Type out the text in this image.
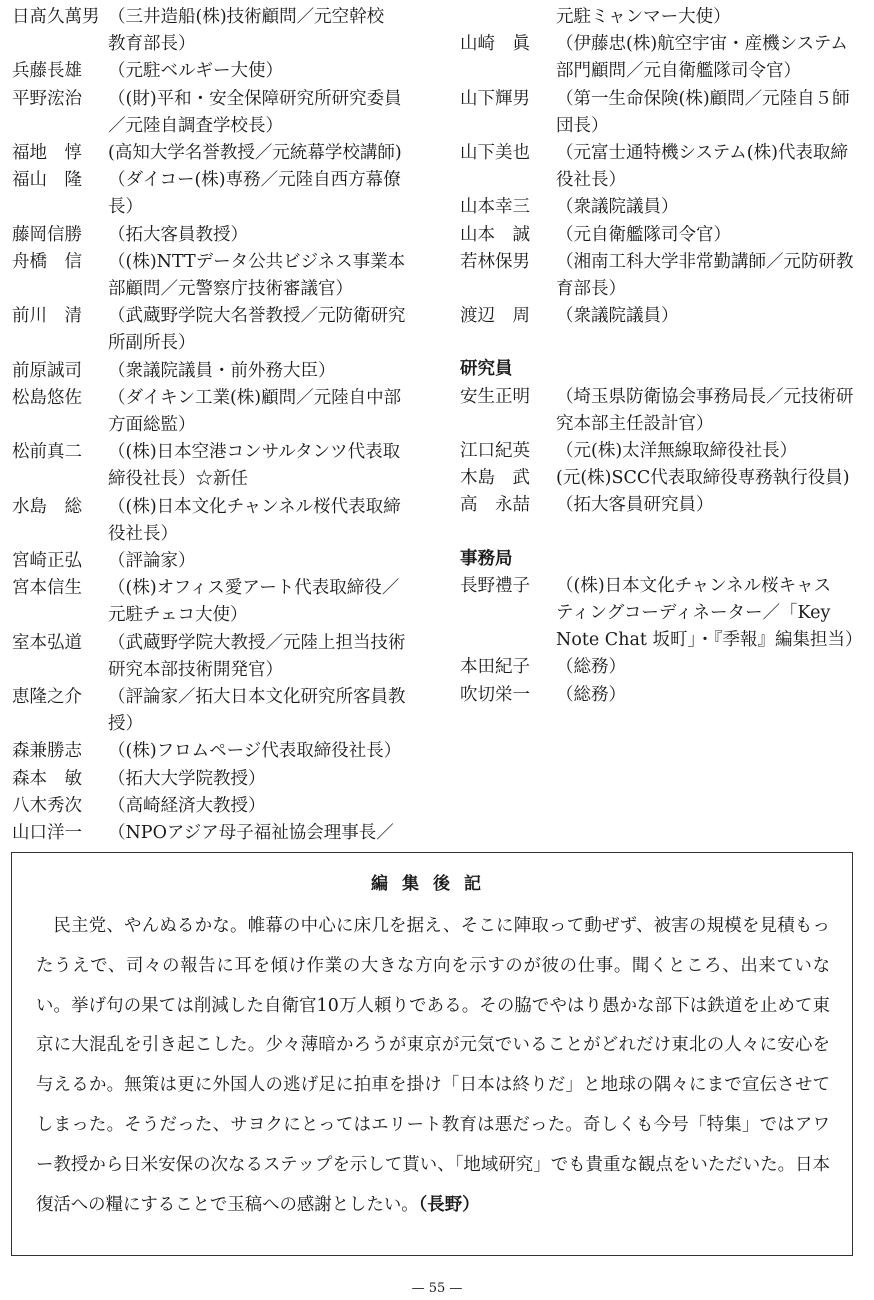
日髙久萬男 （三井造船(株)技術顧問／元空幹校
教育部長）
兵藤長雄	（元駐ベルギー大使）
平野浤治	（(財)平和・安全保障研究所研究委員
／元陸自調査学校長）
福地　惇	(高知大学名誉教授／元統幕学校講師)
福山　隆	（ダイコー(株)専務／元陸自西方幕僚
長）
藤岡信勝	（拓大客員教授）
舟橋　信	（(株)NTTデータ公共ビジネス事業本
部顧問／元警察庁技術審議官）
前川　清	（武蔵野学院大名誉教授／元防衛研究
所副所長）
前原誠司	（衆議院議員・前外務大臣）
松島悠佐	（ダイキン工業(株)顧問／元陸自中部
方面総監）
松前真二	（(株)日本空港コンサルタンツ代表取
締役社長）☆新任
水島　総	（(株)日本文化チャンネル桜代表取締
役社長）
宮崎正弘	（評論家）
宮本信生	（(株)オフィス愛アート代表取締役／
元駐チェコ大使）
室本弘道	（武蔵野学院大教授／元陸上担当技術
研究本部技術開発官）
恵隆之介	（評論家／拓大日本文化研究所客員教
授）
森兼勝志	（(株)フロムページ代表取締役社長）
森本　敏	（拓大大学院教授）
八木秀次	（高崎経済大教授）
山口洋一	（NPOアジア母子福祉協会理事長／
元駐ミャンマー大使）
山崎　眞	（伊藤忠(株)航空宇宙・産機システム
部門顧問／元自衛艦隊司令官）
山下輝男	（第一生命保険(株)顧問／元陸自５師
団長）
山下美也	（元富士通特機システム(株)代表取締
役社長）
山本幸三	（衆議院議員）
山本　誠	（元自衛艦隊司令官）
若林保男	（湘南工科大学非常勤講師／元防研教
育部長）
渡辺　周	（衆議院議員）
研究員
安生正明	（埼玉県防衛協会事務局長／元技術研
究本部主任設計官）
江口紀英	（元(株)太洋無線取締役社長）
木島　武	(元(株)SCC代表取締役専務執行役員)
高　永喆	（拓大客員研究員）
事務局
長野禮子	（(株)日本文化チャンネル桜キャス
ティングコーディネーター／「Key
Note Chat 坂町」・『季報』編集担当）
本田紀子	（総務）
吹切栄一	（総務）
編集後記

民主党、やんぬるかな。帷幕の中心に床几を据え、そこに陣取って動ぜず、被害の規模を見積もったうえで、司々の報告に耳を傾け作業の大きな方向を示すのが彼の仕事。聞くところ、出来ていない。挙げ句の果ては削減した自衛官10万人頼りである。その脇でやはり愚かな部下は鉄道を止めて東京に大混乱を引き起こした。少々薄暗かろうが東京が元気でいることがどれだけ東北の人々に安心を与えるか。無策は更に外国人の逃げ足に拍車を掛け「日本は終りだ」と地球の隅々にまで宣伝させてしまった。そうだった、サヨクにとってはエリート教育は悪だった。奇しくも今号「特集」ではアワー教授から日米安保の次なるステップを示して貰い、「地域研究」でも貴重な観点をいただいた。日本復活への糧にすることで玉稿への感謝としたい。（長野）

— 55 —
